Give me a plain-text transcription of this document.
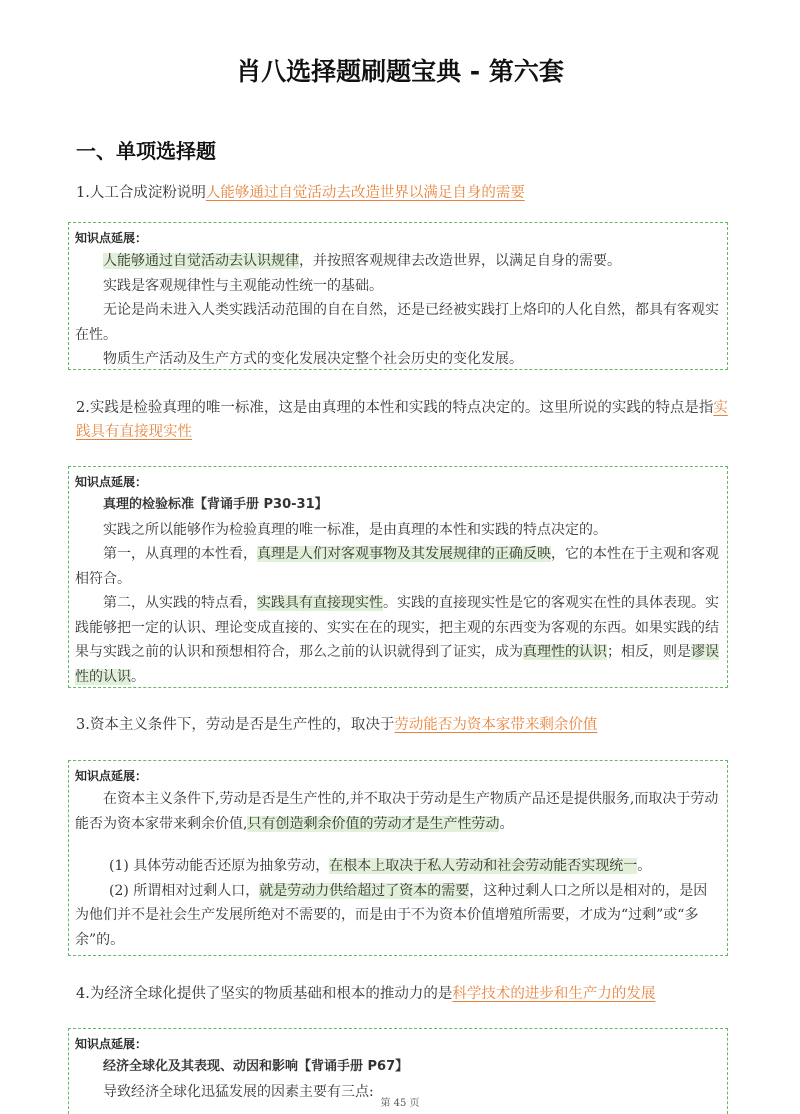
肖八选择题刷题宝典 - 第六套
一、单项选择题
1.人工合成淀粉说明人能够通过自觉活动去改造世界以满足自身的需要
知识点延展：

人能够通过自觉活动去认识规律，并按照客观规律去改造世界，以满足自身的需要。

实践是客观规律性与主观能动性统一的基础。

无论是尚未进入人类实践活动范围的自在自然，还是已经被实践打上烙印的人化自然，都具有客观实在性。

物质生产活动及生产方式的变化发展决定整个社会历史的变化发展。

2.实践是检验真理的唯一标准，这是由真理的本性和实践的特点决定的。这里所说的实践的特点是指实践具有直接现实性
知识点延展：

真理的检验标准【背诵手册 P30-31】

实践之所以能够作为检验真理的唯一标准，是由真理的本性和实践的特点决定的。

第一，从真理的本性看，真理是人们对客观事物及其发展规律的正确反映，它的本性在于主观和客观相符合。

第二，从实践的特点看，实践具有直接现实性。实践的直接现实性是它的客观实在性的具体表现。实践能够把一定的认识、理论变成直接的、实实在在的现实，把主观的东西变为客观的东西。如果实践的结果与实践之前的认识和预想相符合，那么之前的认识就得到了证实，成为真理性的认识；相反，则是谬误性的认识。

3.资本主义条件下，劳动是否是生产性的，取决于劳动能否为资本家带来剩余价值
知识点延展：

在资本主义条件下,劳动是否是生产性的,并不取决于劳动是生产物质产品还是提供服务,而取决于劳动能否为资本家带来剩余价值,只有创造剩余价值的劳动才是生产性劳动。

(1) 具体劳动能否还原为抽象劳动，在根本上取决于私人劳动和社会劳动能否实现统一。

(2) 所谓相对过剩人口，就是劳动力供给超过了资本的需要，这种过剩人口之所以是相对的，是因为他们并不是社会生产发展所绝对不需要的，而是由于不为资本价值增殖所需要，才成为“过剩”或“多余”的。

4.为经济全球化提供了坚实的物质基础和根本的推动力的是科学技术的进步和生产力的发展
知识点延展：

经济全球化及其表现、动因和影响【背诵手册 P67】

导致经济全球化迅猛发展的因素主要有三点:

第 45 页
